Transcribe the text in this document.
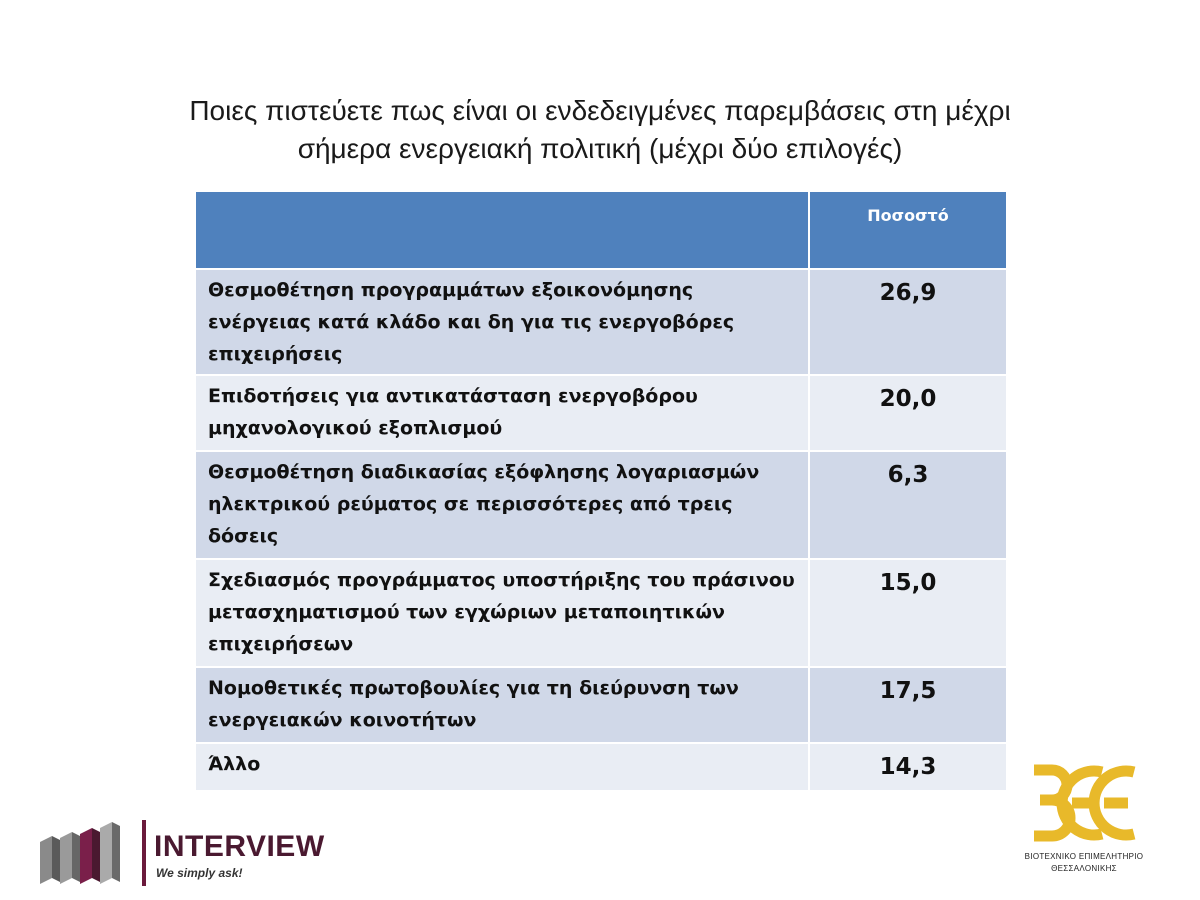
Ποιες πιστεύετε πως είναι οι ενδεδειγμένες παρεμβάσεις στη μέχρι
σήμερα ενεργειακή πολιτική (μέχρι δύο επιλογές)
	Ποσοστό
Θεσμοθέτηση προγραμμάτων εξοικονόμησης ενέργειας κατά κλάδο και δη για τις ενεργοβόρες επιχειρήσεις	26,9
Επιδοτήσεις για αντικατάσταση ενεργοβόρου μηχανολογικού εξοπλισμού	20,0
Θεσμοθέτηση διαδικασίας εξόφλησης λογαριασμών ηλεκτρικού ρεύματος σε περισσότερες από τρεις δόσεις	6,3
Σχεδιασμός προγράμματος υποστήριξης του πράσινου μετασχηματισμού των εγχώριων μεταποιητικών επιχειρήσεων	15,0
Νομοθετικές πρωτοβουλίες για τη διεύρυνση των ενεργειακών κοινοτήτων	17,5
Άλλο	14,3
INTERVIEW
We simply ask!
ΒΙΟΤΕΧΝΙΚΟ ΕΠΙΜΕΛΗΤΗΡΙΟ
ΘΕΣΣΑΛΟΝΙΚΗΣ
